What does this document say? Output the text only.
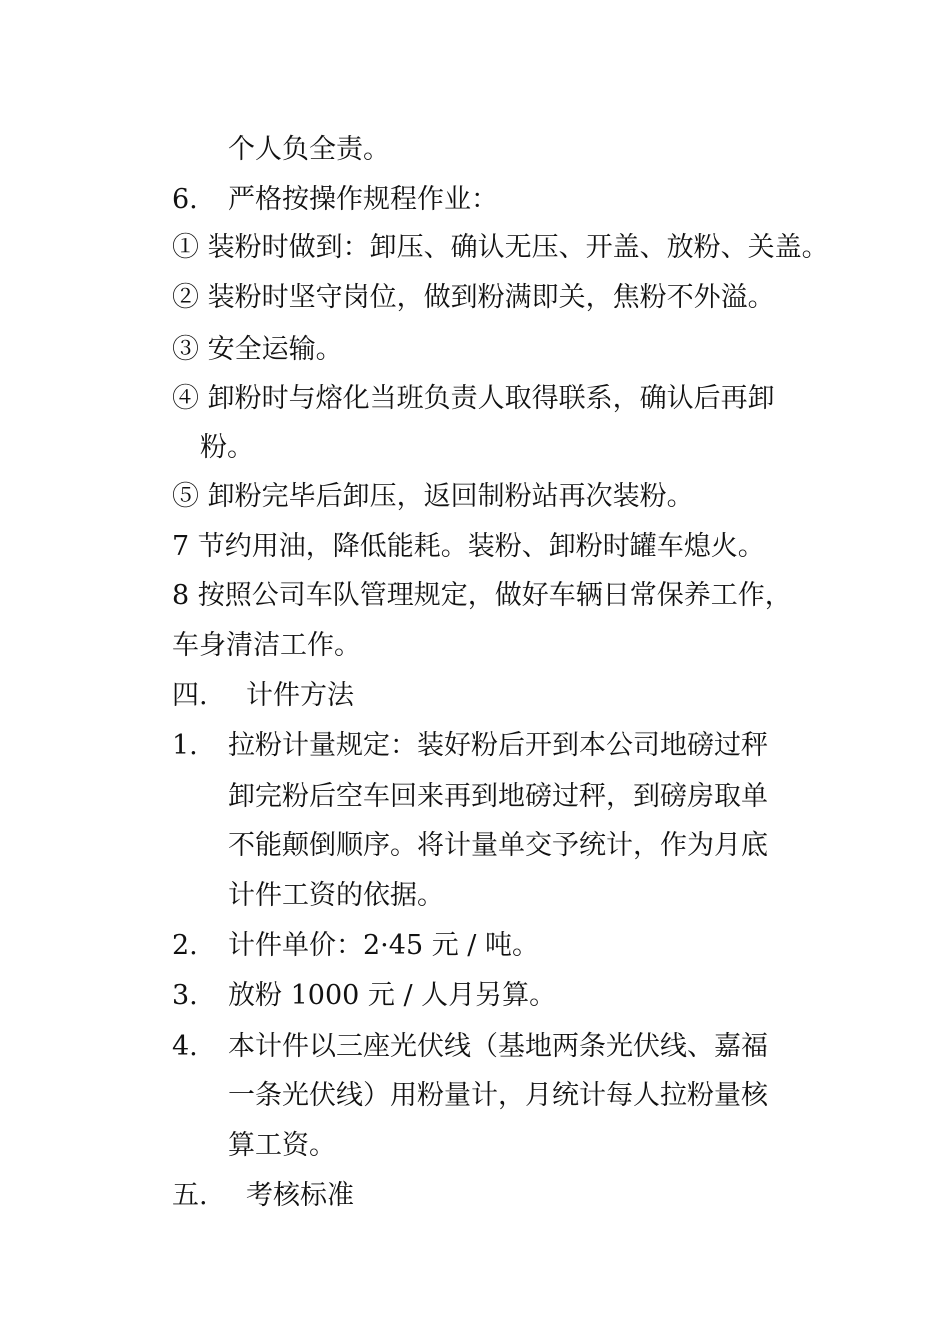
个人负全责。
6. 严格按操作规程作业：
① 装粉时做到：卸压、确认无压、开盖、放粉、关盖。
② 装粉时坚守岗位，做到粉满即关，焦粉不外溢。
③ 安全运输。
④ 卸粉时与熔化当班负责人取得联系，确认后再卸
粉。
⑤ 卸粉完毕后卸压，返回制粉站再次装粉。
7 节约用油，降低能耗。装粉、卸粉时罐车熄火。
8 按照公司车队管理规定，做好车辆日常保养工作，
车身清洁工作。
四. 计件方法
1. 拉粉计量规定：装好粉后开到本公司地磅过秤
卸完粉后空车回来再到地磅过秤，到磅房取单
不能颠倒顺序。将计量单交予统计，作为月底
计件工资的依据。
2. 计件单价：2·45 元 / 吨。
3. 放粉 1000 元 / 人月另算。
4. 本计件以三座光伏线（基地两条光伏线、嘉福
一条光伏线）用粉量计，月统计每人拉粉量核
算工资。
五. 考核标准
